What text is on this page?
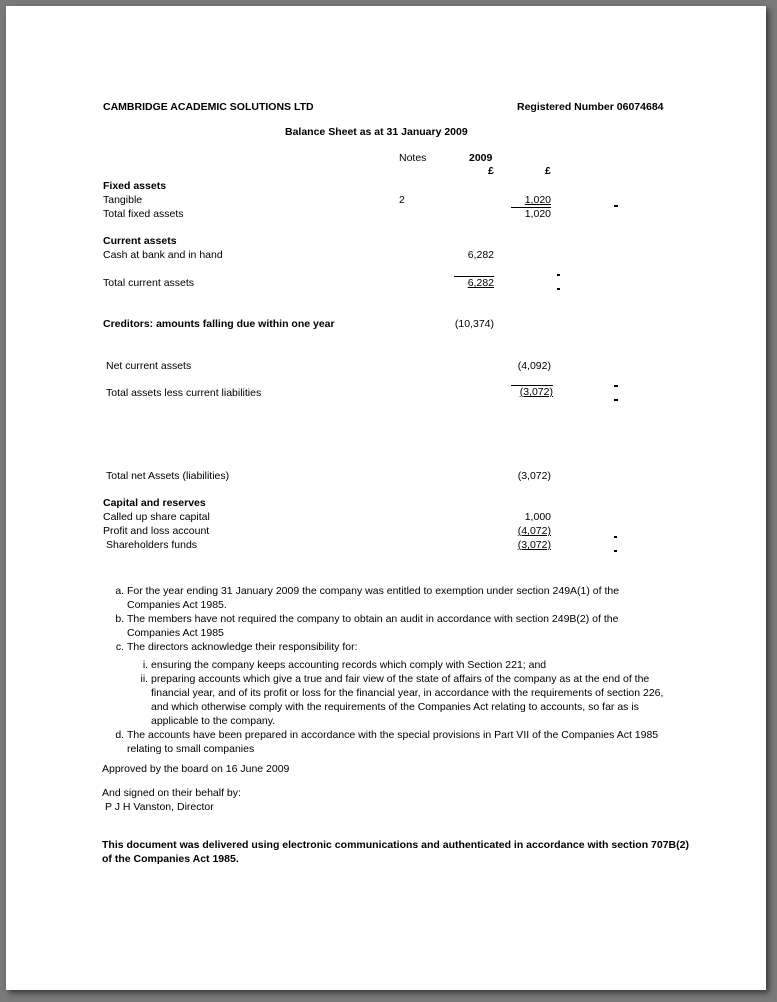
CAMBRIDGE ACADEMIC SOLUTIONS LTD	Registered Number 06074684
Balance Sheet as at 31 January 2009
Notes	2009
£	£
Fixed assets
Tangible	2	1,020
Total fixed assets	1,020
Current assets
Cash at bank and in hand	6,282
Total current assets	6,282
Creditors: amounts falling due within one year	(10,374)
Net current assets	(4,092)
Total assets less current liabilities	(3,072)
Total net Assets (liabilities)	(3,072)
Capital and reserves
Called up share capital	1,000
Profit and loss account	(4,072)
Shareholders funds	(3,072)
a. For the year ending 31 January 2009 the company was entitled to exemption under section 249A(1) of the Companies Act 1985.
b. The members have not required the company to obtain an audit in accordance with section 249B(2) of the Companies Act 1985
c. The directors acknowledge their responsibility for:
i. ensuring the company keeps accounting records which comply with Section 221; and
ii. preparing accounts which give a true and fair view of the state of affairs of the company as at the end of the financial year, and of its profit or loss for the financial year, in accordance with the requirements of section 226, and which otherwise comply with the requirements of the Companies Act relating to accounts, so far as is applicable to the company.
d. The accounts have been prepared in accordance with the special provisions in Part VII of the Companies Act 1985 relating to small companies
Approved by the board on 16 June 2009
And signed on their behalf by:
P J H Vanston, Director
This document was delivered using electronic communications and authenticated in accordance with section 707B(2) of the Companies Act 1985.
